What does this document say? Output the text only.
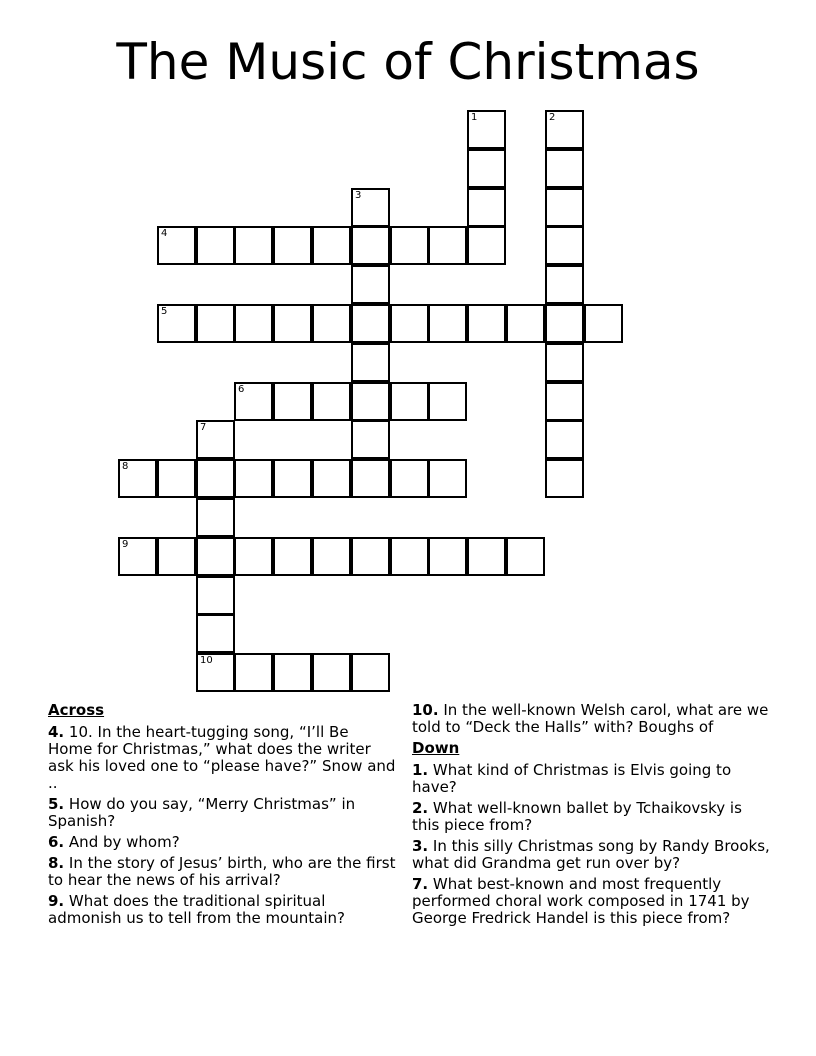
The Music of Christmas
1	2
3
4
5
6
7
10
8
9
Across
4. 10. In the heart-tugging song, “I’ll Be Home for Christmas,” what does the writer ask his loved one to “please have?” Snow and ..
5. How do you say, “Merry Christmas” in Spanish?
6. And by whom?
8. In the story of Jesus’ birth, who are the first to hear the news of his arrival?
9. What does the traditional spiritual admonish us to tell from the mountain?
10. In the well-known Welsh carol, what are we told to “Deck the Halls” with? Boughs of
Down
1. What kind of Christmas is Elvis going to have?
2. What well-known ballet by Tchaikovsky is this piece from?
3. In this silly Christmas song by Randy Brooks, what did Grandma get run over by?
7. What best-known and most frequently performed choral work composed in 1741 by George Fredrick Handel is this piece from?
